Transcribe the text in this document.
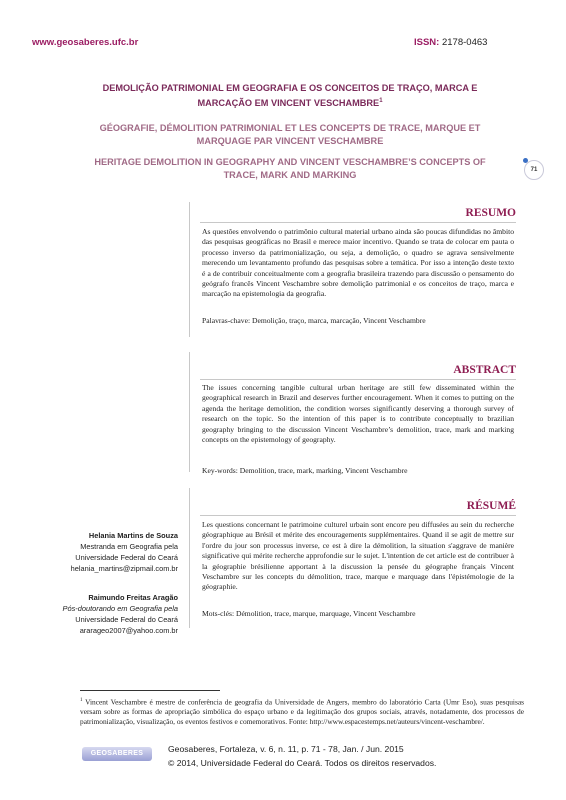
www.geosaberes.ufc.br	ISSN: 2178-0463
DEMOLIÇÃO PATRIMONIAL EM GEOGRAFIA E OS CONCEITOS DE TRAÇO, MARCA E
MARCAÇÃO EM VINCENT VESCHAMBRE$^1$
GÉOGRAFIE, DÉMOLITION PATRIMONIAL ET LES CONCEPTS DE TRACE, MARQUE ET
MARQUAGE PAR VINCENT VESCHAMBRE
HERITAGE DEMOLITION IN GEOGRAPHY AND VINCENT VESCHAMBRE’S CONCEPTS OF
TRACE, MARK AND MARKING	71
RESUMO
As questões envolvendo o patrimônio cultural material urbano ainda são poucas difundidas no âmbito das pesquisas geográficas no Brasil e merece maior incentivo. Quando se trata de colocar em pauta o processo inverso da patrimonialização, ou seja, a demolição, o quadro se agrava sensivelmente merecendo um levantamento profundo das pesquisas sobre a temática. Por isso a intenção deste texto é a de contribuir conceitualmente com a geografia brasileira trazendo para discussão o pensamento do geógrafo francês Vincent Veschambre sobre demolição patrimonial e os conceitos de traço, marca e marcação na epistemologia da geografia.
Palavras-chave: Demolição, traço, marca, marcação, Vincent Veschambre
ABSTRACT
The issues concerning tangible cultural urban heritage are still few disseminated within the geographical research in Brazil and deserves further encouragement. When it comes to putting on the agenda the heritage demolition, the condition worses significantly deserving a thorough survey of research on the topic. So the intention of this paper is to contribute conceptually to brazilian geography bringing to the discussion Vincent Veschambre’s demolition, trace, mark and marking concepts on the epistemology of geography.
Key-words: Demolition, trace, mark, marking, Vincent Veschambre
RÉSUMÉ
Les questions concernant le patrimoine culturel urbain sont encore peu diffusées au sein du recherche géographique au Brésil et mérite des encouragements supplémentaires. Quand il se agit de mettre sur l'ordre du jour son processus inverse, ce est à dire la démolition, la situation s'aggrave de manière significative qui mérite recherche approfondie sur le sujet. L'intention de cet article est de contribuer à la géographie brésilienne apportant à la discussion la pensée du géographe français Vincent Veschambre sur les concepts du démolition, trace, marque e marquage dans l'épistémologie de la géographie.
Mots-clés: Démolition, trace, marque, marquage, Vincent Veschambre
Helania Martins de Souza
Mestranda em Geografia pela
Universidade Federal do Ceará
helania_martins@zipmail.com.br
Raimundo Freitas Aragão
Pós-doutorando em Geografia pela
Universidade Federal do Ceará
ararageo2007@yahoo.com.br
$^1$ Vincent Veschambre é mestre de conferência de geografia da Universidade de Angers, membro do laboratório Carta (Umr Eso), suas pesquisas versam sobre as formas de apropriação simbólica do espaço urbano e da legitimação dos grupos sociais, através, notadamente, dos processos de patrimonialização, visualização, os eventos festivos e comemorativos. Fonte: http://www.espacestemps.net/auteurs/vincent-veschambre/.
GEOSABERES	Geosaberes, Fortaleza, v. 6, n. 11, p. 71 - 78, Jan. / Jun. 2015
© 2014, Universidade Federal do Ceará. Todos os direitos reservados.
